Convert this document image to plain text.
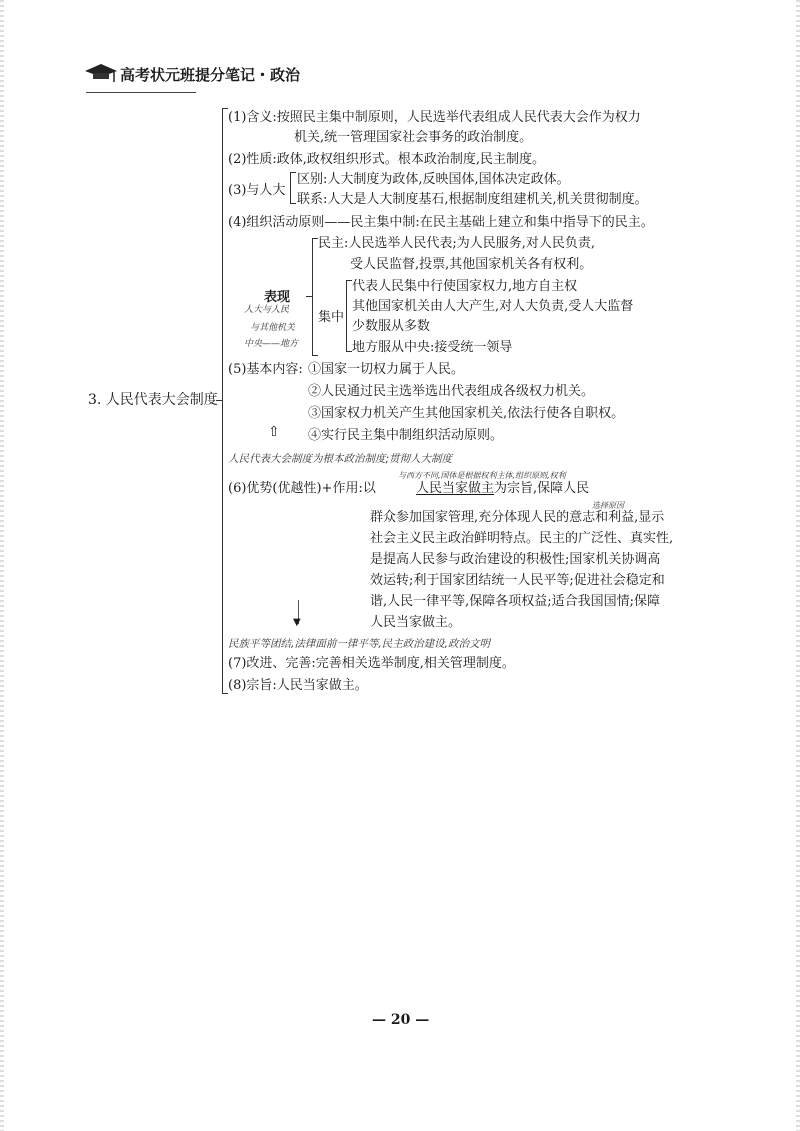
高考状元班提分笔记・政治
3. 人民代表大会制度
(1)含义:按照民主集中制原则，人民选举代表组成人民代表大会作为权力
机关,统一管理国家社会事务的政治制度。
(2)性质:政体,政权组织形式。根本政治制度,民主制度。
(3)与人大
区别:人大制度为政体,反映国体,国体决定政体。
联系:人大是人大制度基石,根据制度组建机关,机关贯彻制度。
(4)组织活动原则——民主集中制:在民主基础上建立和集中指导下的民主。
表现
人大与人民
与其他机关
中央——地方
民主:人民选举人民代表;为人民服务,对人民负责,
受人民监督,投票,其他国家机关各有权利。
集中
代表人民集中行使国家权力,地方自主权
其他国家机关由人大产生,对人大负责,受人大监督
少数服从多数
地方服从中央:接受统一领导
(5)基本内容: ①国家一切权力属于人民。
②人民通过民主选举选出代表组成各级权力机关。
③国家权力机关产生其他国家机关,依法行使各自职权。
⇧ ④实行民主集中制组织活动原则。
人民代表大会制度为根本政治制度;贯彻人大制度
与西方不同,国体是根据权利主体,组织原则,权利
(6)优势(优越性)+作用:以	人民当家做主为宗旨,保障人民
选择原因
群众参加国家管理,充分体现人民的意志和利益,显示
社会主义民主政治鲜明特点。民主的广泛性、真实性,
是提高人民参与政治建设的积极性;国家机关协调高
效运转;利于国家团结统一人民平等;促进社会稳定和
谐,人民一律平等,保障各项权益;适合我国国情;保障
人民当家做主。
▼
民族平等团结,法律面前一律平等,民主政治建设,政治文明
(7)改进、完善:完善相关选举制度,相关管理制度。
(8)宗旨:人民当家做主。
— 20 —
